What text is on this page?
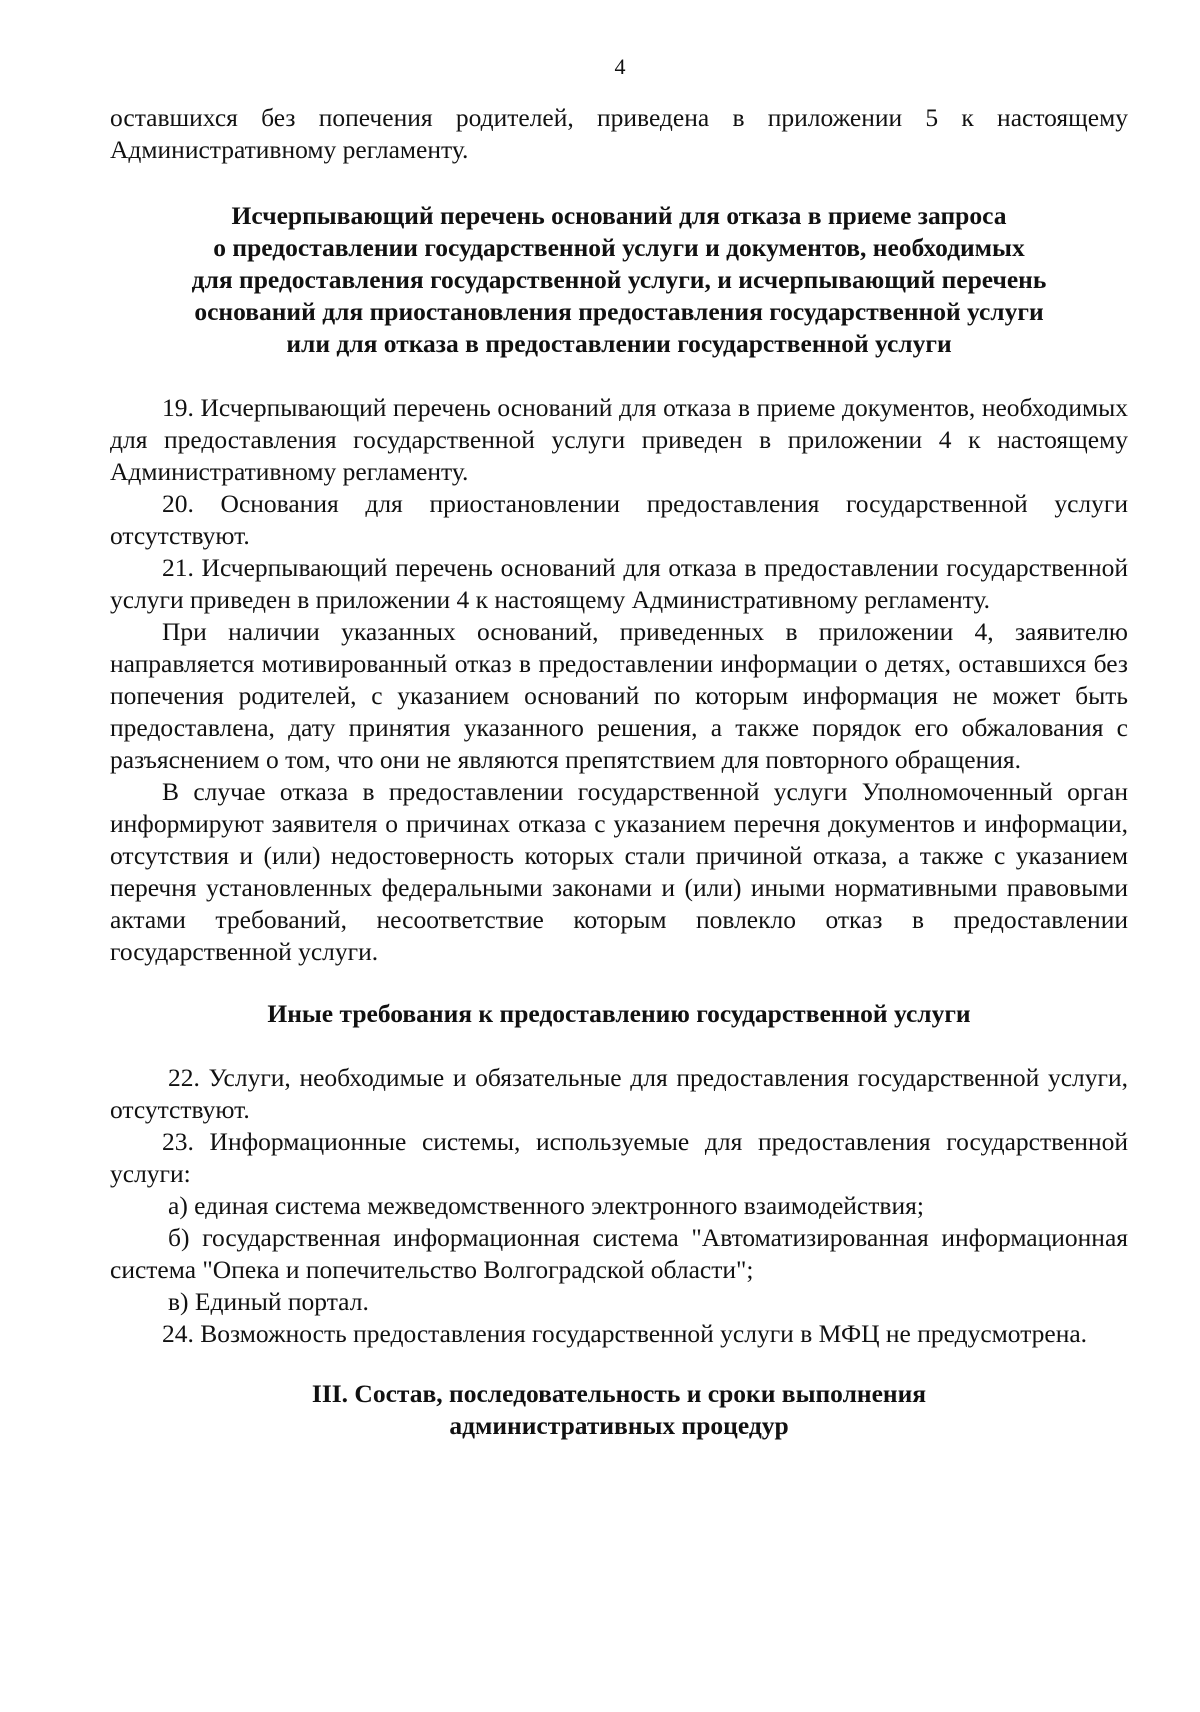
4

оставшихся без попечения родителей, приведена в приложении 5 к настоящему Административному регламенту.

Исчерпывающий перечень оснований для отказа в приеме запроса
о предоставлении государственной услуги и документов, необходимых
для предоставления государственной услуги, и исчерпывающий перечень
оснований для приостановления предоставления государственной услуги
или для отказа в предоставлении государственной услуги

19. Исчерпывающий перечень оснований для отказа в приеме документов, необходимых для предоставления государственной услуги приведен в приложении 4 к настоящему Административному регламенту.

20. Основания для приостановлении предоставления государственной услуги отсутствуют.

21. Исчерпывающий перечень оснований для отказа в предоставлении государственной услуги приведен в приложении 4 к настоящему Административному регламенту.

При наличии указанных оснований, приведенных в приложении 4, заявителю направляется мотивированный отказ в предоставлении информации о детях, оставшихся без попечения родителей, с указанием оснований по которым информация не может быть предоставлена, дату принятия указанного решения, а также порядок его обжалования с разъяснением о том, что они не являются препятствием для повторного обращения.

В случае отказа в предоставлении государственной услуги Уполномоченный орган информируют заявителя о причинах отказа с указанием перечня документов и информации, отсутствия и (или) недостоверность которых стали причиной отказа, а также с указанием перечня установленных федеральными законами и (или) иными нормативными правовыми актами требований, несоответствие которым повлекло отказ в предоставлении государственной услуги.

Иные требования к предоставлению государственной услуги

22. Услуги, необходимые и обязательные для предоставления государственной услуги, отсутствуют.

23. Информационные системы, используемые для предоставления государственной услуги:

а) единая система межведомственного электронного взаимодействия;

б) государственная информационная система "Автоматизированная информационная система "Опека и попечительство Волгоградской области";

в) Единый портал.

24. Возможность предоставления государственной услуги в МФЦ не предусмотрена.

III. Состав, последовательность и сроки выполнения
административных процедур
